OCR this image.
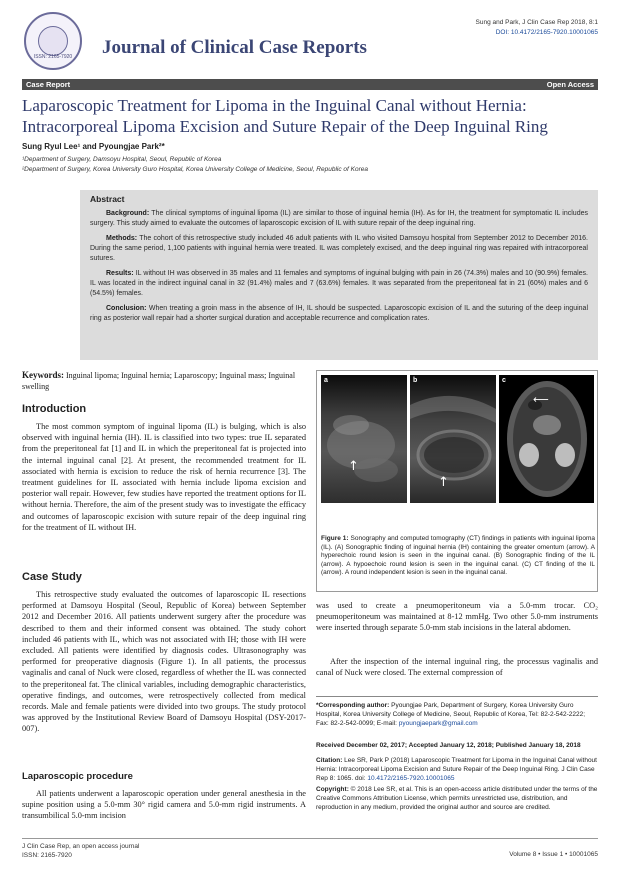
ISSN: 2165-7920	Journal of Clinical Case Reports
Sung and Park, J Clin Case Rep 2018, 8:1
DOI: 10.4172/2165-7920.10001065
Case Report	Open Access
Laparoscopic Treatment for Lipoma in the Inguinal Canal without Hernia: Intracorporeal Lipoma Excision and Suture Repair of the Deep Inguinal Ring
Sung Ryul Lee¹ and Pyoungjae Park²*
¹Department of Surgery, Damsoyu Hospital, Seoul, Republic of Korea
²Department of Surgery, Korea University Guro Hospital, Korea University College of Medicine, Seoul, Republic of Korea
Abstract

Background: The clinical symptoms of inguinal lipoma (IL) are similar to those of inguinal hernia (IH). As for IH, the treatment for symptomatic IL includes surgery. This study aimed to evaluate the outcomes of laparoscopic excision of IL with suture repair of the deep inguinal ring.

Methods: The cohort of this retrospective study included 46 adult patients with IL who visited Damsoyu hospital from September 2012 to December 2016. During the same period, 1,100 patients with inguinal hernia were treated. IL was completely excised, and the deep inguinal ring was repaired with intracorporeal sutures.

Results: IL without IH was observed in 35 males and 11 females and symptoms of inguinal bulging with pain in 26 (74.3%) males and 10 (90.9%) females. IL was located in the indirect inguinal canal in 32 (91.4%) males and 7 (63.6%) females. It was separated from the preperitoneal fat in 21 (60%) males and 6 (54.5%) females.

Conclusion: When treating a groin mass in the absence of IH, IL should be suspected. Laparoscopic excision of IL and the suturing of the deep inguinal ring as posterior wall repair had a shorter surgical duration and acceptable recurrence and complication rates.

Keywords: Inguinal lipoma; Inguinal hernia; Laparoscopy; Inguinal mass; Inguinal swelling
Introduction
The most common symptom of inguinal lipoma (IL) is bulging, which is also observed with inguinal hernia (IH). IL is classified into two types: true IL separated from the preperitoneal fat [1] and IL in which the preperitoneal fat is projected into the internal inguinal canal [2]. At present, the recommended treatment for IL associated with hernia is excision to reduce the risk of hernia recurrence [3]. The treatment guidelines for IL associated with hernia include lipoma excision and posterior wall repair. However, few studies have reported the treatment options for IL without hernia. Therefore, the aim of the present study was to investigate the efficacy and outcomes of laparoscopic excision with suture repair of the deep inguinal ring for the treatment of IL without IH.
Case Study
This retrospective study evaluated the outcomes of laparoscopic IL resections performed at Damsoyu Hospital (Seoul, Republic of Korea) between September 2012 and December 2016. All patients underwent surgery after the procedure was described to them and their informed consent was obtained. The study cohort included 46 patients with IL, which was not associated with IH; those with IH were excluded. All patients were identified by diagnosis codes. Ultrasonography was performed for preoperative diagnosis (Figure 1). In all patients, the processus vaginalis and canal of Nuck were closed, regardless of whether the IL was connected to the preperitoneal fat. The clinical variables, including demographic characteristics, operative findings, and outcomes, were retrospectively collected from medical records. Male and female patients were divided into two groups. The study protocol was approved by the Institutional Review Board of Damsoyu Hospital (DSY-2017-007).
Laparoscopic procedure
All patients underwent a laparoscopic operation under general anesthesia in the supine position using a 5.0-mm 30° rigid camera and 5.0-mm rigid instruments. A transumbilical 5.0-mm incision
a
↑
b
↑
c
⟵
Figure 1: Sonography and computed tomography (CT) findings in patients with inguinal lipoma (IL). (A) Sonographic finding of inguinal hernia (IH) containing the greater omentum (arrow). A hyperechoic round lesion is seen in the inguinal canal. (B) Sonographic finding of the IL (arrow). A hypoechoic round lesion is seen in the inguinal canal. (C) CT finding of the IL (arrow). A round independent lesion is seen in the inguinal canal.
was used to create a pneumoperitoneum via a 5.0-mm trocar. CO₂ pneumoperitoneum was maintained at 8-12 mmHg. Two other 5.0-mm instruments were inserted through separate 5.0-mm stab incisions in the lateral abdomen.
After the inspection of the internal inguinal ring, the processus vaginalis and canal of Nuck were closed. The external compression of
*Corresponding author: Pyoungjae Park, Department of Surgery, Korea University Guro Hospital, Korea University College of Medicine, Seoul, Republic of Korea, Tel: 82-2-542-2222; Fax: 82-2-542-0099; E-mail: pyoungjaepark@gmail.com
Received December 02, 2017; Accepted January 12, 2018; Published January 18, 2018
Citation: Lee SR, Park P (2018) Laparoscopic Treatment for Lipoma in the Inguinal Canal without Hernia: Intracorporeal Lipoma Excision and Suture Repair of the Deep Inguinal Ring. J Clin Case Rep 8: 1065. doi: 10.4172/2165-7920.10001065
Copyright: © 2018 Lee SR, et al. This is an open-access article distributed under the terms of the Creative Commons Attribution License, which permits unrestricted use, distribution, and reproduction in any medium, provided the original author and source are credited.
J Clin Case Rep, an open access journal
ISSN: 2165-7920	Volume 8 • Issue 1 • 10001065
